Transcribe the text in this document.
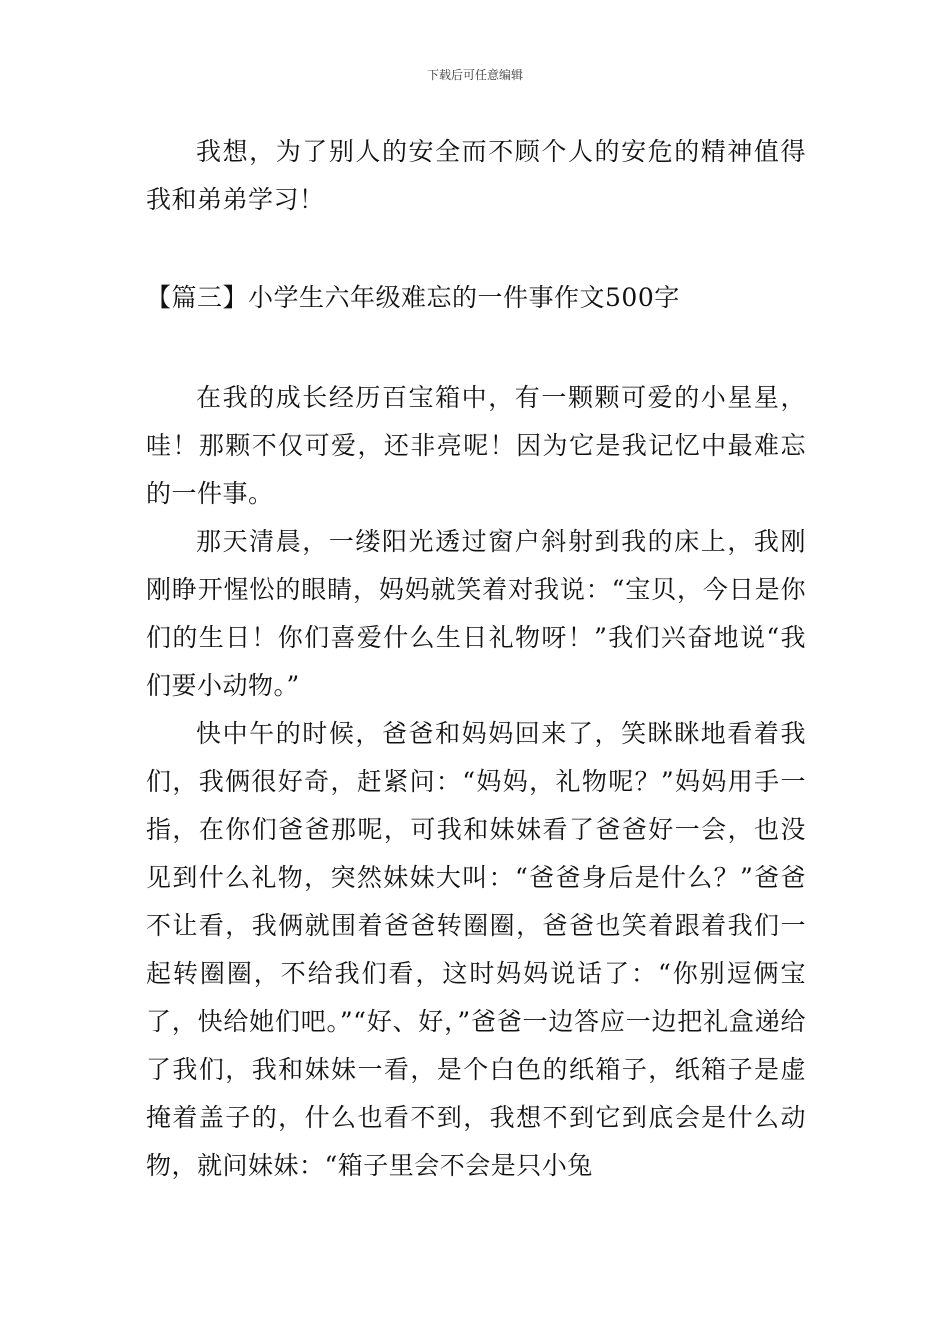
下载后可任意编辑

我想，为了别人的安全而不顾个人的安危的精神值得我和弟弟学习！

【篇三】小学生六年级难忘的一件事作文500字

在我的成长经历百宝箱中，有一颗颗可爱的小星星，哇！那颗不仅可爱，还非亮呢！因为它是我记忆中最难忘的一件事。

那天清晨，一缕阳光透过窗户斜射到我的床上，我刚刚睁开惺忪的眼睛，妈妈就笑着对我说：“宝贝，今日是你们的生日！你们喜爱什么生日礼物呀！”我们兴奋地说“我们要小动物。”

快中午的时候，爸爸和妈妈回来了，笑眯眯地看着我们，我俩很好奇，赶紧问：“妈妈，礼物呢？”妈妈用手一指，在你们爸爸那呢，可我和妹妹看了爸爸好一会，也没见到什么礼物，突然妹妹大叫：“爸爸身后是什么？”爸爸不让看，我俩就围着爸爸转圈圈，爸爸也笑着跟着我们一起转圈圈，不给我们看，这时妈妈说话了：“你别逗俩宝了，快给她们吧。”“好、好，”爸爸一边答应一边把礼盒递给了我们，我和妹妹一看，是个白色的纸箱子，纸箱子是虚掩着盖子的，什么也看不到，我想不到它到底会是什么动物，就问妹妹：“箱子里会不会是只小兔
